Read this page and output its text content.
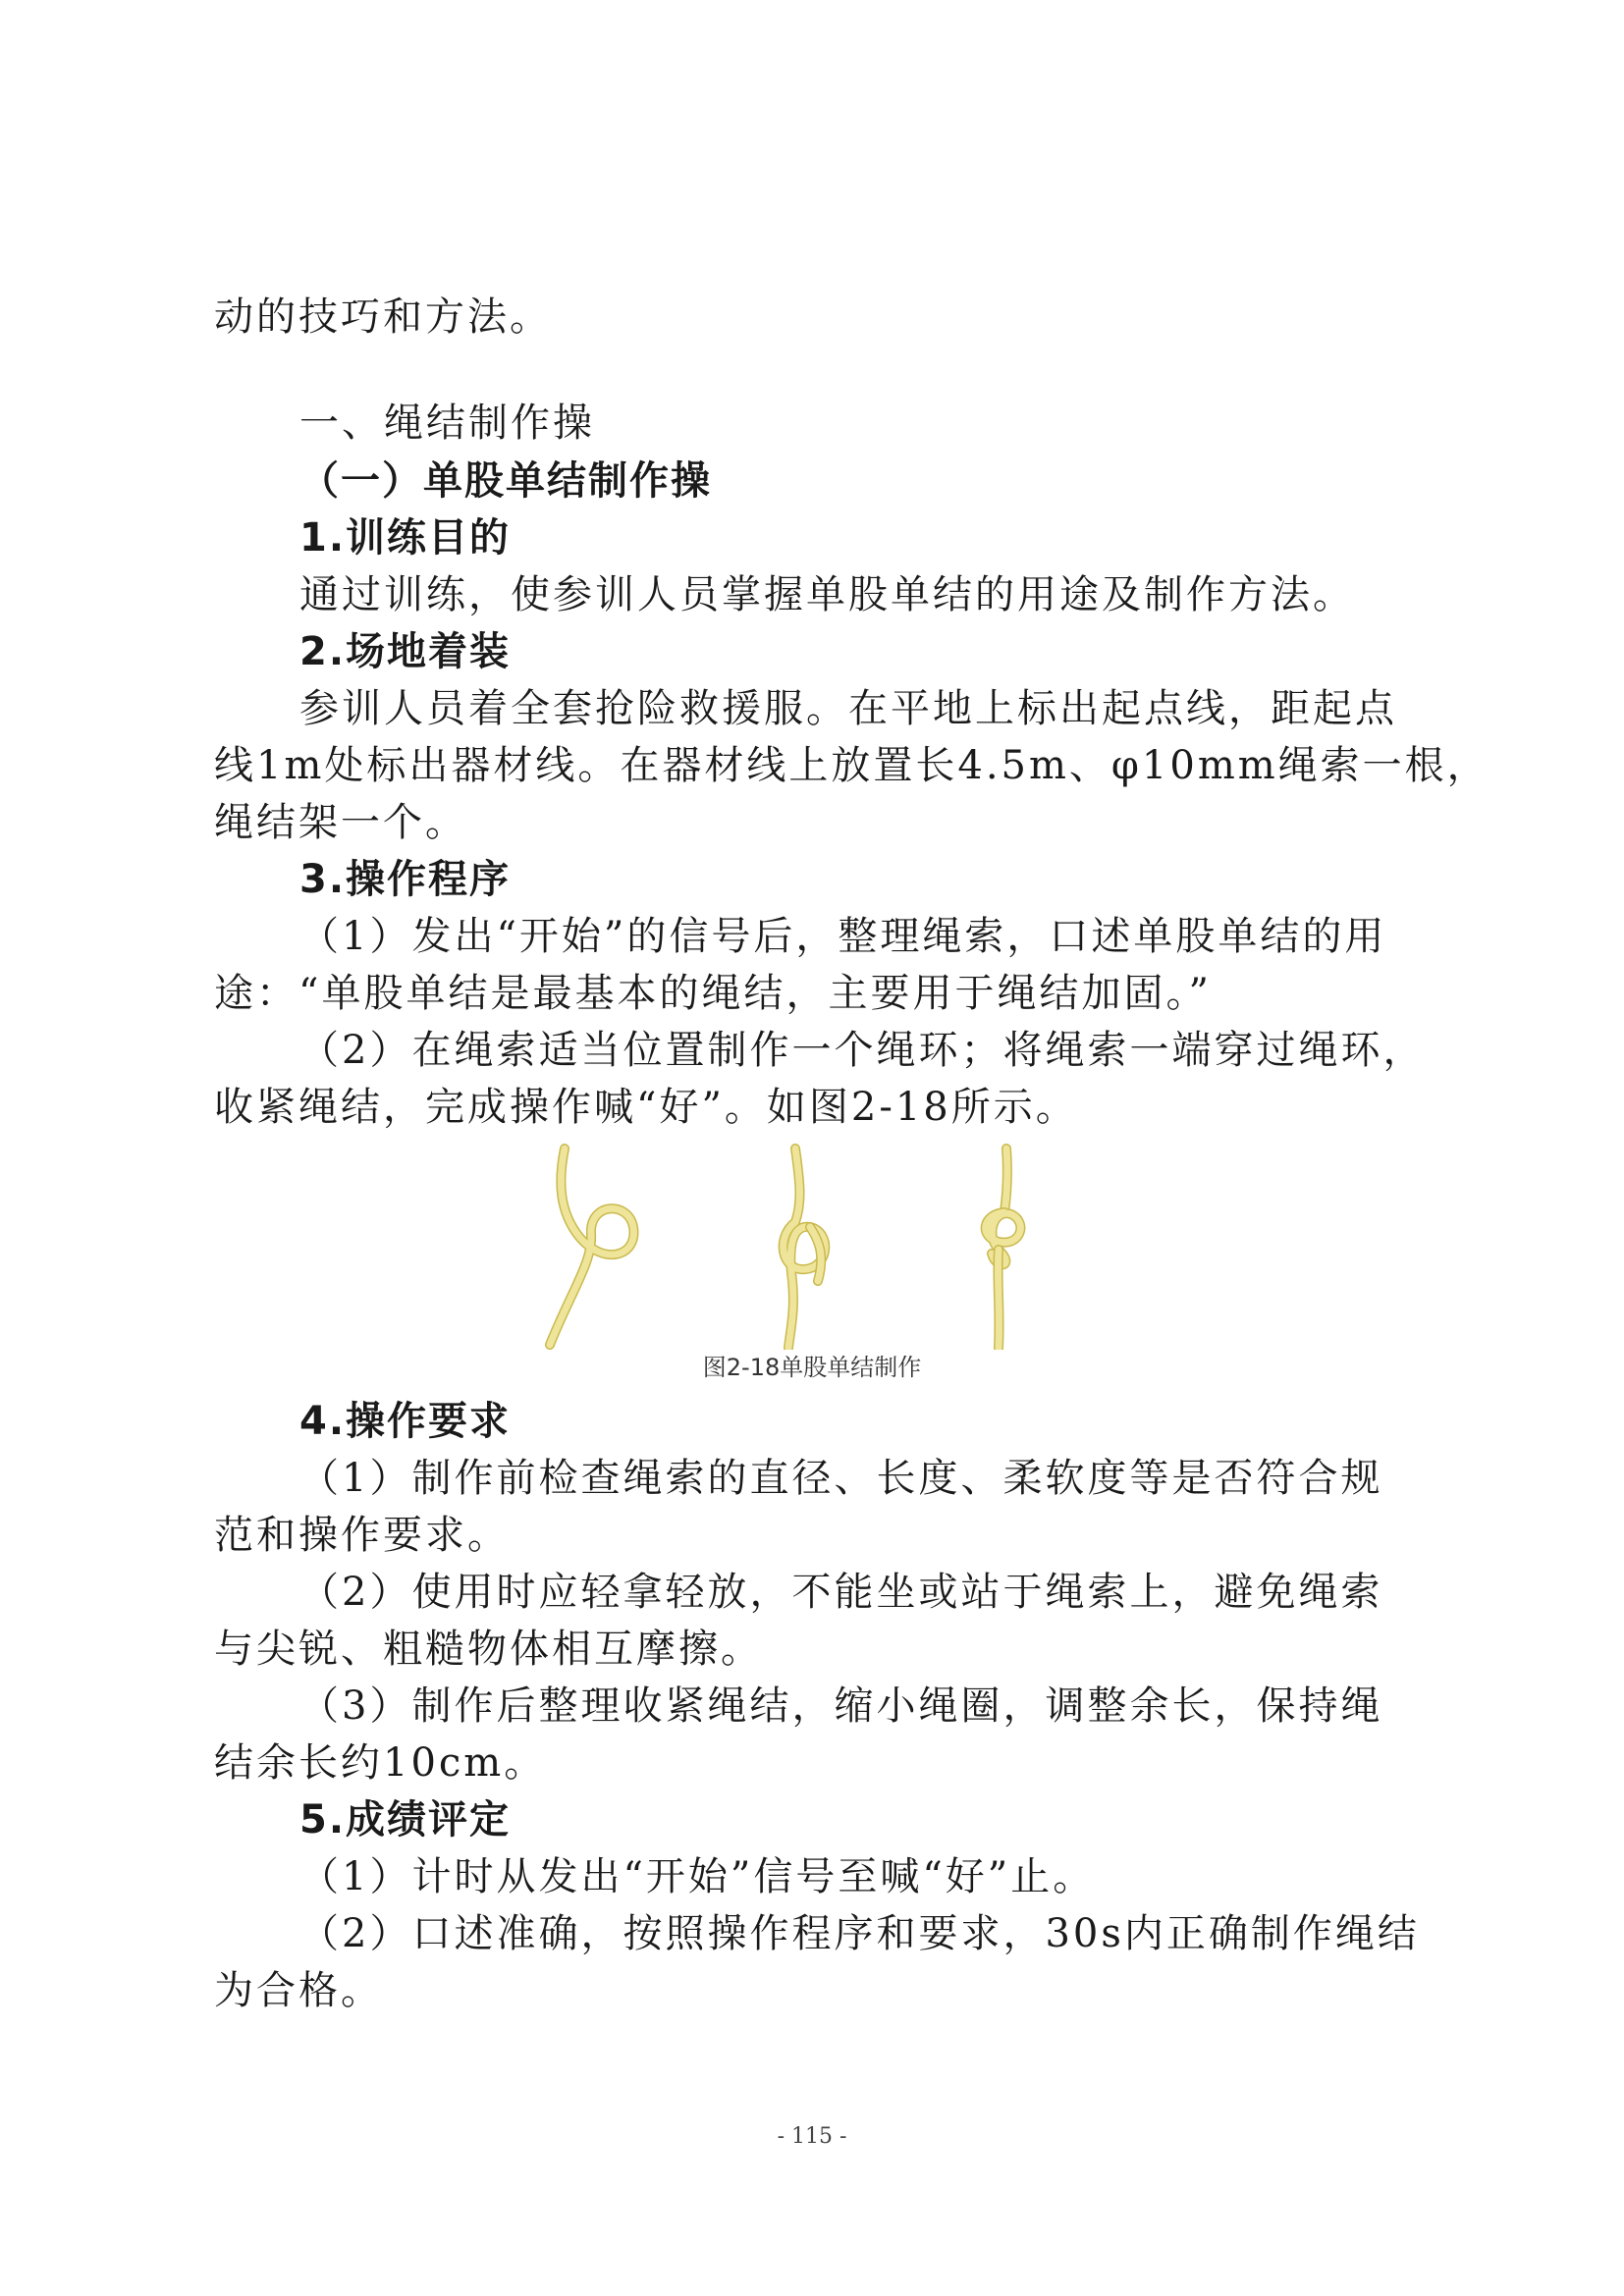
动的技巧和方法。
一、绳结制作操
（一）单股单结制作操
1.训练目的
通过训练，使参训人员掌握单股单结的用途及制作方法。
2.场地着装
参训人员着全套抢险救援服。在平地上标出起点线，距起点
线1m处标出器材线。在器材线上放置长4.5m、φ10mm绳索一根，
绳结架一个。
3.操作程序
（1）发出“开始”的信号后，整理绳索，口述单股单结的用
途：“单股单结是最基本的绳结，主要用于绳结加固。”
（2）在绳索适当位置制作一个绳环；将绳索一端穿过绳环，
收紧绳结，完成操作喊“好”。如图2-18所示。
图2-18单股单结制作
4.操作要求
（1）制作前检查绳索的直径、长度、柔软度等是否符合规
范和操作要求。
（2）使用时应轻拿轻放，不能坐或站于绳索上，避免绳索
与尖锐、粗糙物体相互摩擦。
（3）制作后整理收紧绳结，缩小绳圈，调整余长，保持绳
结余长约10cm。
5.成绩评定
（1）计时从发出“开始”信号至喊“好”止。
（2）口述准确，按照操作程序和要求，30s内正确制作绳结
为合格。
- 115 -
